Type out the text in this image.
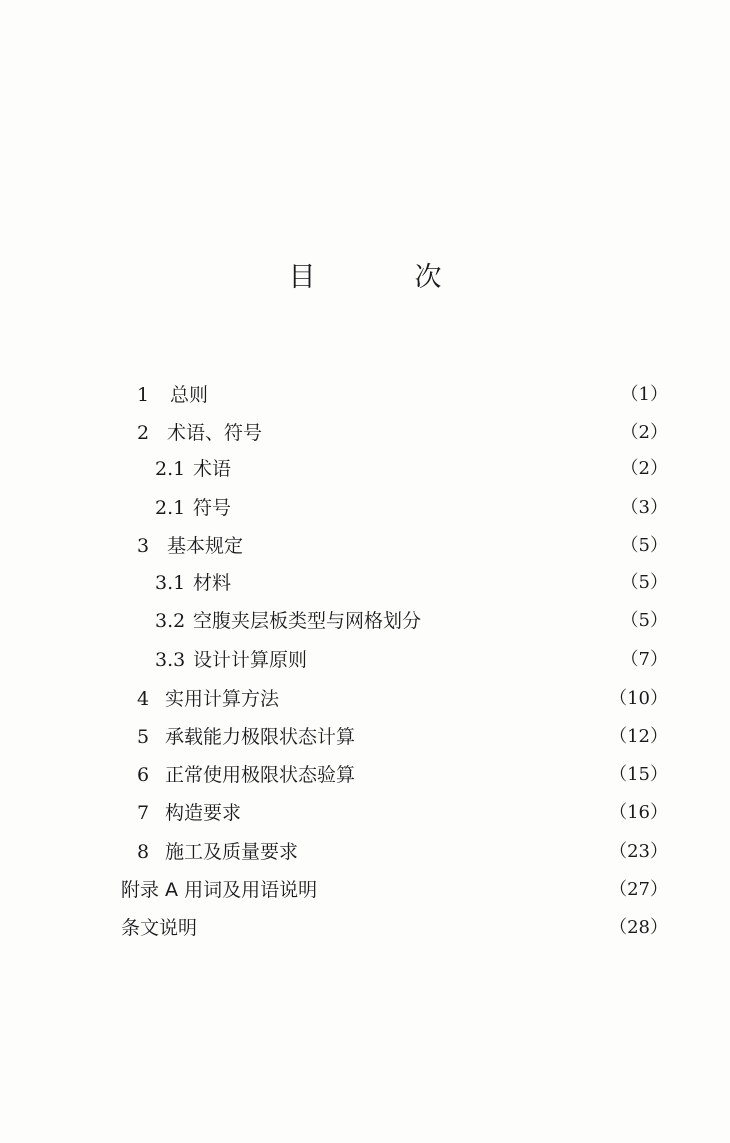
目　次
1	总则	（1）
2 术语、符号	（2）
2.1 术语	（2）
2.1 符号	（3）
3 基本规定	（5）
3.1 材料	（5）
3.2 空腹夹层板类型与网格划分	（5）
3.3 设计计算原则	（7）
4 实用计算方法	（10）
5 承载能力极限状态计算	（12）
6 正常使用极限状态验算	（15）
7 构造要求	（16）
8 施工及质量要求	（23）
附录 A 用词及用语说明	（27）
条文说明	（28）
